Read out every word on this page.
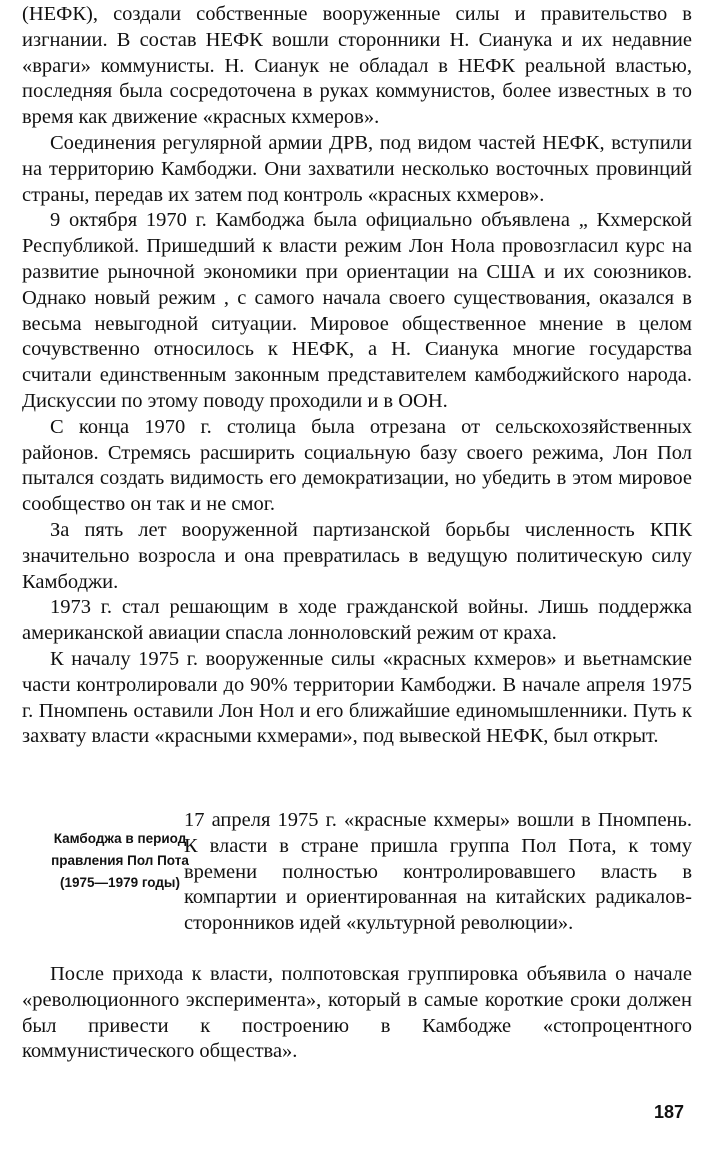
(НЕФК), создали собственные вооруженные силы и правительство в изгнании. В состав НЕФК вошли сторонники Н. Сианука и их недавние «враги» коммунисты. Н. Сианук не обладал в НЕФК реальной властью, последняя была сосредоточена в руках коммунистов, более известных в то время как движение «красных кхмеров».

Соединения регулярной армии ДРВ, под видом частей НЕФК, вступили на территорию Камбоджи. Они захватили несколько восточных провинций страны, передав их затем под контроль «красных кхмеров».

9 октября 1970 г. Камбоджа была официально объявлена „ Кхмерской Республикой. Пришедший к власти режим Лон Нола провозгласил курс на развитие рыночной экономики при ориентации на США и их союзников. Однако новый режим , с самого начала своего существования, оказался в весьма невыгодной ситуации. Мировое общественное мнение в целом сочувственно относилось к НЕФК, а Н. Сианука многие государства считали единственным законным представителем камбоджийского народа. Дискуссии по этому поводу проходили и в ООН.

С конца 1970 г. столица была отрезана от сельскохозяйственных районов. Стремясь расширить социальную базу своего режима, Лон Пол пытался создать видимость его демократизации, но убедить в этом мировое сообщество он так и не смог.

За пять лет вооруженной партизанской борьбы численность КПК значительно возросла и она превратилась в ведущую политическую силу Камбоджи.

1973 г. стал решающим в ходе гражданской войны. Лишь поддержка американской авиации спасла лонноловский режим от краха.

К началу 1975 г. вооруженные силы «красных кхмеров» и вьетнамские части контролировали до 90% территории Камбоджи. В начале апреля 1975 г. Пномпень оставили Лон Нол и его ближайшие единомышленники. Путь к захвату власти «красными кхмерами», под вывеской НЕФК, был открыт.

Камбоджа в период правления Пол Пота (1975—1979 годы)

17 апреля 1975 г. «красные кхмеры» вошли в Пномпень. К власти в стране пришла группа Пол Пота, к тому времени полностью контролировавшего власть в компартии и ориентированная на китайских радикалов- сторонников идей «культурной революции».

После прихода к власти, полпотовская группировка объявила о начале «революционного эксперимента», который в самые короткие сроки должен был привести к построению в Камбодже «стопроцентного коммунистического общества».

187
